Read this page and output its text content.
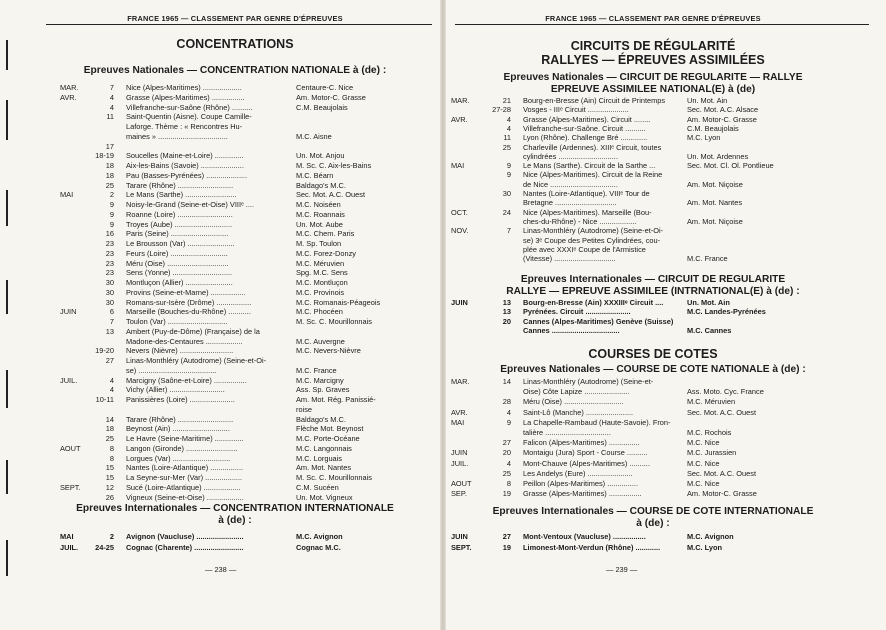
FRANCE 1965 — CLASSEMENT PAR GENRE D'ÉPREUVES
CONCENTRATIONS
Epreuves Nationales — CONCENTRATION NATIONALE à (de) :
MAR.	7 Nice (Alpes-Maritimes) ...................	Centaure-C. Nice
AVR.	4 Grasse (Alpes-Maritimes) ................	Am. Motor-C. Grasse
4 Villefranche-sur-Saône (Rhône) ..........	C.M. Beaujolais
11 Saint-Quentin (Aisne). Coupe Camille-
Laforge. Thème : « Rencontres Hu-
maines » ..................................	M.C. Aisne
17
18-19 Soucelles (Maine-et-Loire) ..............	Un. Mot. Anjou
18 Aix-les-Bains (Savoie) .....................	M. Sc. C. Aix-les-Bains
18 Pau (Basses-Pyrénées) ....................	M.C. Béarn
25 Tarare (Rhône) ...........................	Baldago's M.C.
MAI	2 Le Mans (Sarthe) .........................	Sec. Mot. A.C. Ouest
9 Noisy-le-Grand (Seine-et-Oise) VIIIᵉ ....	M.C. Noiséen
9 Roanne (Loire) ...........................	M.C. Roannais
9 Troyes (Aube) ............................	Un. Mot. Aube
16 Paris (Seine) ............................	M.C. Chem. Paris
23 Le Brousson (Var) .......................	M. Sp. Toulon
23 Feurs (Loire) ............................	M.C. Forez-Donzy
23 Méru (Oise) ..............................	M.C. Méruvien
23 Sens (Yonne) .............................	Spg. M.C. Sens
30 Montluçon (Allier) .......................	M.C. Montluçon
30 Provins (Seine-et-Marne) .................	M.C. Provinois
30 Romans-sur-Isère (Drôme) .................	M.C. Romanais-Péageois
JUIN	6 Marseille (Bouches-du-Rhône) ...........	M.C. Phocéen
7 Toulon (Var) .............................	M. Sc. C. Mourillonnais
13 Ambert (Puy-de-Dôme) (Française) de la
Madone-des-Centaures ..................	M.C. Auvergne
19-20 Nevers (Nièvre) ..........................	M.C. Nevers-Nièvre
27 Linas-Monthléry (Autodrome) (Seine-et-Oi-
se) ......................................	M.C. France
JUIL.	4 Marcigny (Saône-et-Loire) ................	M.C. Marcigny
4 Vichy (Allier) ...........................	Ass. Sp. Graves
10-11 Panissières (Loire) ......................	Am. Mot. Rég. Panissié-
roise
14 Tarare (Rhône) ...........................	Baldago's M.C.
18 Beynost (Ain) ............................	Flèche Mot. Beynost
25 Le Havre (Seine-Maritime) ..............	M.C. Porte-Océane
AOUT	8 Langon (Gironde) .........................	M.C. Langonnais
8 Lorgues (Var) ............................	M.C. Lorguais
15 Nantes (Loire-Atlantique) ................	Am. Mot. Nantes
15 La Seyne-sur-Mer (Var) ..................	M. Sc. C. Mourillonnais
SEPT.	12 Sucé (Loire-Atlantique) ..................	C.M. Sucéen
26 Vigneux (Seine-et-Oise) ..................	Un. Mot. Vigneux
Epreuves Internationales — CONCENTRATION INTERNATIONALE
à (de) :
MAI	2 Avignon (Vaucluse) .......................	M.C. Avignon
JUIL.	24-25 Cognac (Charente) ........................	Cognac M.C.
— 238 —
FRANCE 1965 — CLASSEMENT PAR GENRE D'ÉPREUVES
CIRCUITS DE RÉGULARITÉ
RALLYES — ÉPREUVES ASSIMILÉES
Epreuves Nationales — CIRCUIT DE REGULARITE — RALLYE
EPREUVE ASSIMILEE NATIONAL(E) à (de)
MAR.	21 Bourg-en-Bresse (Ain) Circuit de Printemps	Un. Mot. Ain
27-28 Vosges - IIIᵉ Circuit ....................	Sec. Mot. A.C. Alsace
AVR.	4 Grasse (Alpes-Maritimes). Circuit ........	Am. Motor-C. Grasse
4 Villefranche-sur-Saône. Circuit ..........	C.M. Beaujolais
11 Lyon (Rhône). Challenge Bré .............	M.C. Lyon
25 Charleville (Ardennes). XIIIᵉ Circuit, toutes
cylindrées .............................	Un. Mot. Ardennes
MAI	9 Le Mans (Sarthe). Circuit de la Sarthe ...	Sec. Mot. Cl. Ol. Pontlieue
9 Nice (Alpes-Maritimes). Circuit de la Reine
de Nice .................................	Am. Mot. Niçoise
30 Nantes (Loire-Atlantique). VIIIᵉ Tour de
Bretagne ..............................	Am. Mot. Nantes
OCT.	24 Nice (Alpes-Maritimes). Marseille (Bou-
ches-du-Rhône) - Nice ..................	Am. Mot. Niçoise
NOV.	7 Linas-Monthléry (Autodrome) (Seine-et-Oi-
se) 3ᵉ Coupe des Petites Cylindrées, cou-
plée avec XXXIᵉ Coupe de l'Armistice
(Vitesse) ..............................	M.C. France
Epreuves Internationales — CIRCUIT DE REGULARITE
RALLYE — EPREUVE ASSIMILEE (INTRNATIONAL(E) à (de) :
JUIN	13 Bourg-en-Bresse (Ain) XXXIIIᵉ Circuit ....	Un. Mot. Ain
13 Pyrénées. Circuit ......................	M.C. Landes-Pyrénées
20 Cannes (Alpes-Maritimes) Genève (Suisse)
Cannes .................................	M.C. Cannes
COURSES DE COTES
Epreuves Nationales — COURSE DE COTE NATIONALE à (de) :
MAR.	14 Linas-Monthléry (Autodrome) (Seine-et-
Oise) Côte Lapize ......................	Ass. Moto. Cyc. France
28 Méru (Oise) .............................	M.C. Méruvien
AVR.	4 Saint-Lô (Manche) .......................	Sec. Mot. A.C. Ouest
MAI	9 La Chapelle-Rambaud (Haute-Savoie). Fron-
talière ................................	M.C. Rochois
27 Falicon (Alpes-Maritimes) ...............	M.C. Nice
JUIN	20 Montaigu (Jura) Sport - Course ..........	M.C. Jurassien
JUIL.	4 Mont-Chauve (Alpes-Maritimes) ..........	M.C. Nice
25 Les Andelys (Eure) ......................	Sec. Mot. A.C. Ouest
AOUT	8 Peillon (Alpes-Maritimes) ...............	M.C. Nice
SEP.	19 Grasse (Alpes-Maritimes) ................	Am. Motor-C. Grasse
Epreuves Internationales — COURSE DE COTE INTERNATIONALE
à (de) :
JUIN	27 Mont-Ventoux (Vaucluse) ................	M.C. Avignon
SEPT.	19 Limonest-Mont-Verdun (Rhône) ............	M.C. Lyon
— 239 —
